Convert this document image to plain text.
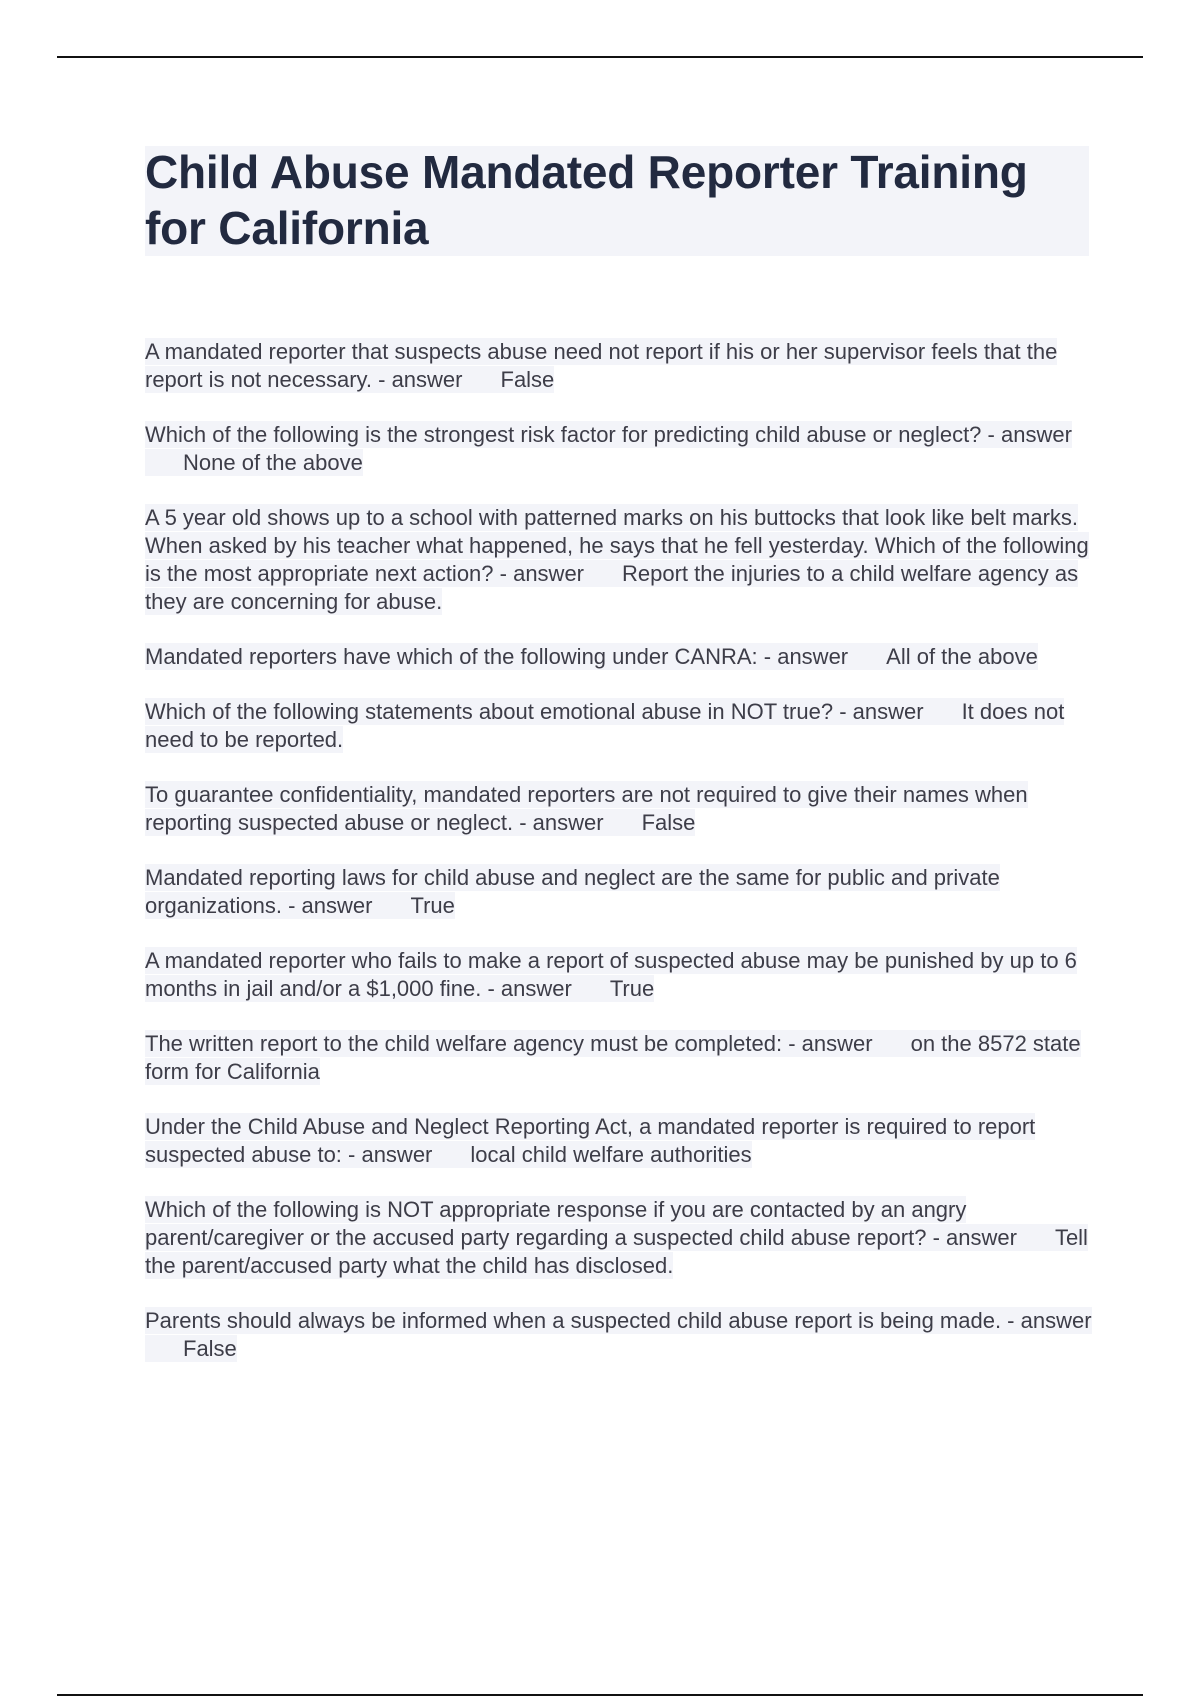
Child Abuse Mandated Reporter Training for California

A mandated reporter that suspects abuse need not report if his or her supervisor feels that the report is not necessary. - answer False

Which of the following is the strongest risk factor for predicting child abuse or neglect? - answerNone of the above

A 5 year old shows up to a school with patterned marks on his buttocks that look like belt marks. When asked by his teacher what happened, he says that he fell yesterday. Which of the following is the most appropriate next action? - answer Report the injuries to a child welfare agency as they are concerning for abuse.

Mandated reporters have which of the following under CANRA: - answer All of the above

Which of the following statements about emotional abuse in NOT true? - answer It does not need to be reported.

To guarantee confidentiality, mandated reporters are not required to give their names when reporting suspected abuse or neglect. - answer False

Mandated reporting laws for child abuse and neglect are the same for public and private organizations. - answer True

A mandated reporter who fails to make a report of suspected abuse may be punished by up to 6 months in jail and/or a $1,000 fine. - answer True

The written report to the child welfare agency must be completed: - answer on the 8572 state form for California

Under the Child Abuse and Neglect Reporting Act, a mandated reporter is required to report suspected abuse to: - answer local child welfare authorities

Which of the following is NOT appropriate response if you are contacted by an angry parent/caregiver or the accused party regarding a suspected child abuse report? - answer Tell the parent/accused party what the child has disclosed.

Parents should always be informed when a suspected child abuse report is being made. - answerFalse
